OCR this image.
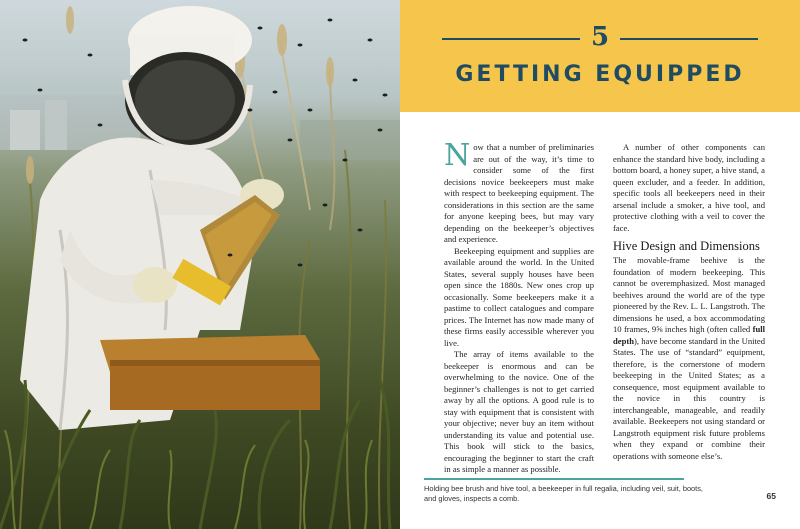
5
GETTING EQUIPPED

Now that a number of preliminaries are out of the way, it’s time to consider some of the first decisions novice beekeepers must make with respect to beekeeping equipment. The considerations in this section are the same for anyone keeping bees, but may vary depending on the beekeeper’s objectives and experience.

Beekeeping equipment and supplies are available around the world. In the United States, several supply houses have been open since the 1880s. New ones crop up occasionally. Some beekeepers make it a pastime to collect catalogues and compare prices. The Internet has now made many of these firms easily accessible wherever you live.

The array of items available to the beekeeper is enormous and can be overwhelming to the novice. One of the beginner’s challenges is not to get carried away by all the options. A good rule is to stay with equipment that is consistent with your objective; never buy an item without understanding its value and potential use. This book will stick to the basics, encouraging the beginner to start the craft in as simple a manner as possible.

A number of other components can enhance the standard hive body, including a bottom board, a honey super, a hive stand, a queen excluder, and a feeder. In addition, specific tools all beekeepers need in their arsenal include a smoker, a hive tool, and protective clothing with a veil to cover the face.

Hive Design and Dimensions

The movable-frame beehive is the foundation of modern beekeeping. This cannot be overemphasized. Most managed beehives around the world are of the type pioneered by the Rev. L. L. Langstroth. The dimensions he used, a box accommodating 10 frames, 9⅝ inches high (often called full depth), have become standard in the United States. The use of “standard” equipment, therefore, is the cornerstone of modern beekeeping in the United States; as a consequence, most equipment available to the novice in this country is interchangeable, manageable, and readily available. Beekeepers not using standard or Langstroth equipment risk future problems when they expand or combine their operations with someone else’s.

Holding bee brush and hive tool, a beekeeper in full regalia, including veil, suit, boots, and gloves, inspects a comb.	65
